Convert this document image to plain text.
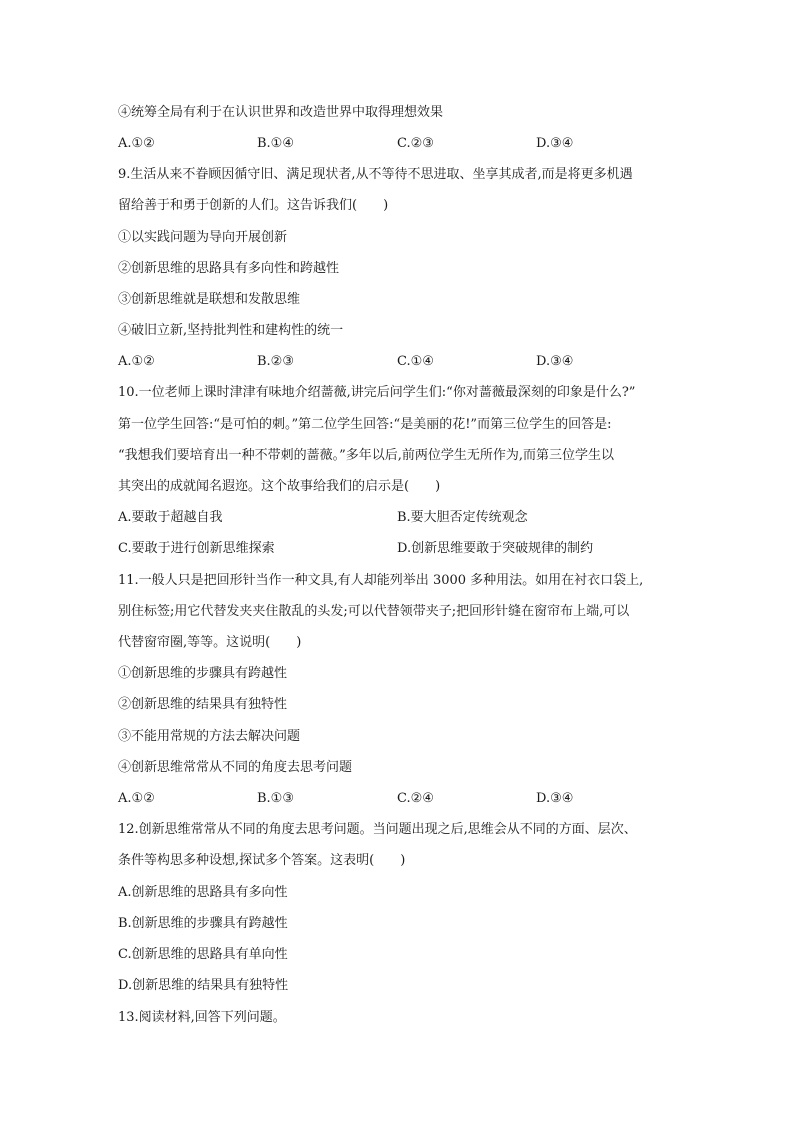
④统筹全局有利于在认识世界和改造世界中取得理想效果
A.①②	B.①④	C.②③	D.③④
9.生活从来不眷顾因循守旧、满足现状者,从不等待不思进取、坐享其成者,而是将更多机遇
留给善于和勇于创新的人们。这告诉我们(　　)
①以实践问题为导向开展创新
②创新思维的思路具有多向性和跨越性
③创新思维就是联想和发散思维
④破旧立新,坚持批判性和建构性的统一
A.①②	B.②③	C.①④	D.③④
10.一位老师上课时津津有味地介绍蔷薇,讲完后问学生们:“你对蔷薇最深刻的印象是什么?”
第一位学生回答:“是可怕的刺。”第二位学生回答:“是美丽的花!”而第三位学生的回答是:
“我想我们要培育出一种不带刺的蔷薇。”多年以后,前两位学生无所作为,而第三位学生以
其突出的成就闻名遐迩。这个故事给我们的启示是(　　)
A.要敢于超越自我	B.要大胆否定传统观念
C.要敢于进行创新思维探索	D.创新思维要敢于突破规律的制约
11.一般人只是把回形针当作一种文具,有人却能列举出 3000 多种用法。如用在衬衣口袋上,
别住标签;用它代替发夹夹住散乱的头发;可以代替领带夹子;把回形针缝在窗帘布上端,可以
代替窗帘圈,等等。这说明(　　)
①创新思维的步骤具有跨越性
②创新思维的结果具有独特性
③不能用常规的方法去解决问题
④创新思维常常从不同的角度去思考问题
A.①②	B.①③	C.②④	D.③④
12.创新思维常常从不同的角度去思考问题。当问题出现之后,思维会从不同的方面、层次、
条件等构思多种设想,探试多个答案。这表明(　　)
A.创新思维的思路具有多向性
B.创新思维的步骤具有跨越性
C.创新思维的思路具有单向性
D.创新思维的结果具有独特性
13.阅读材料,回答下列问题。
